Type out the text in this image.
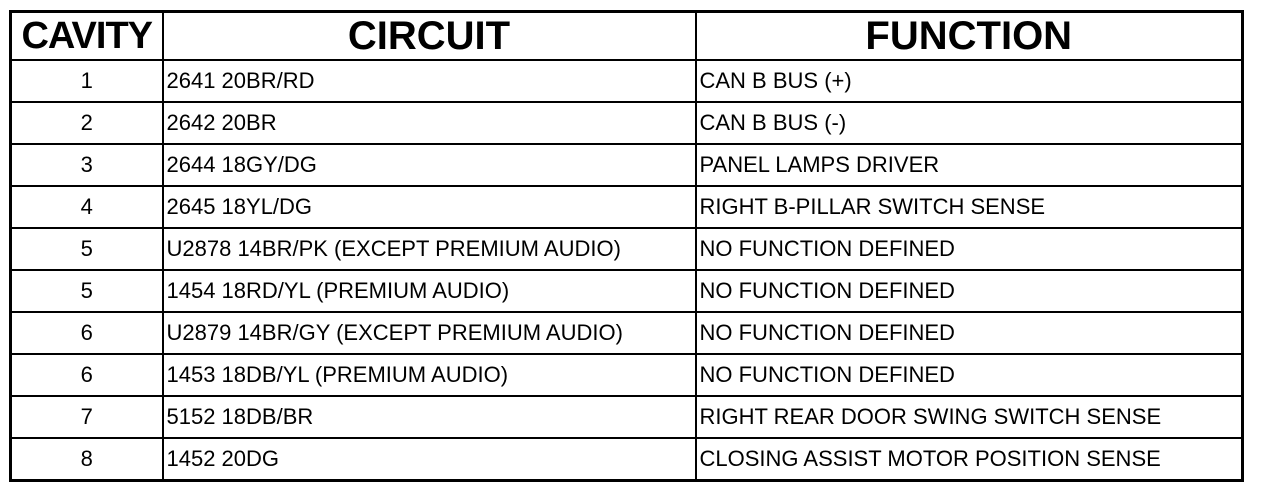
CAVITY	CIRCUIT	FUNCTION
1	2641 20BR/RD	CAN B BUS (+)
2	2642 20BR	CAN B BUS (-)
3	2644 18GY/DG	PANEL LAMPS DRIVER
4	2645 18YL/DG	RIGHT B-PILLAR SWITCH SENSE
5	U2878 14BR/PK (EXCEPT PREMIUM AUDIO)	NO FUNCTION DEFINED
5	1454 18RD/YL (PREMIUM AUDIO)	NO FUNCTION DEFINED
6	U2879 14BR/GY (EXCEPT PREMIUM AUDIO)	NO FUNCTION DEFINED
6	1453 18DB/YL (PREMIUM AUDIO)	NO FUNCTION DEFINED
7	5152 18DB/BR	RIGHT REAR DOOR SWING SWITCH SENSE
8	1452 20DG	CLOSING ASSIST MOTOR POSITION SENSE
